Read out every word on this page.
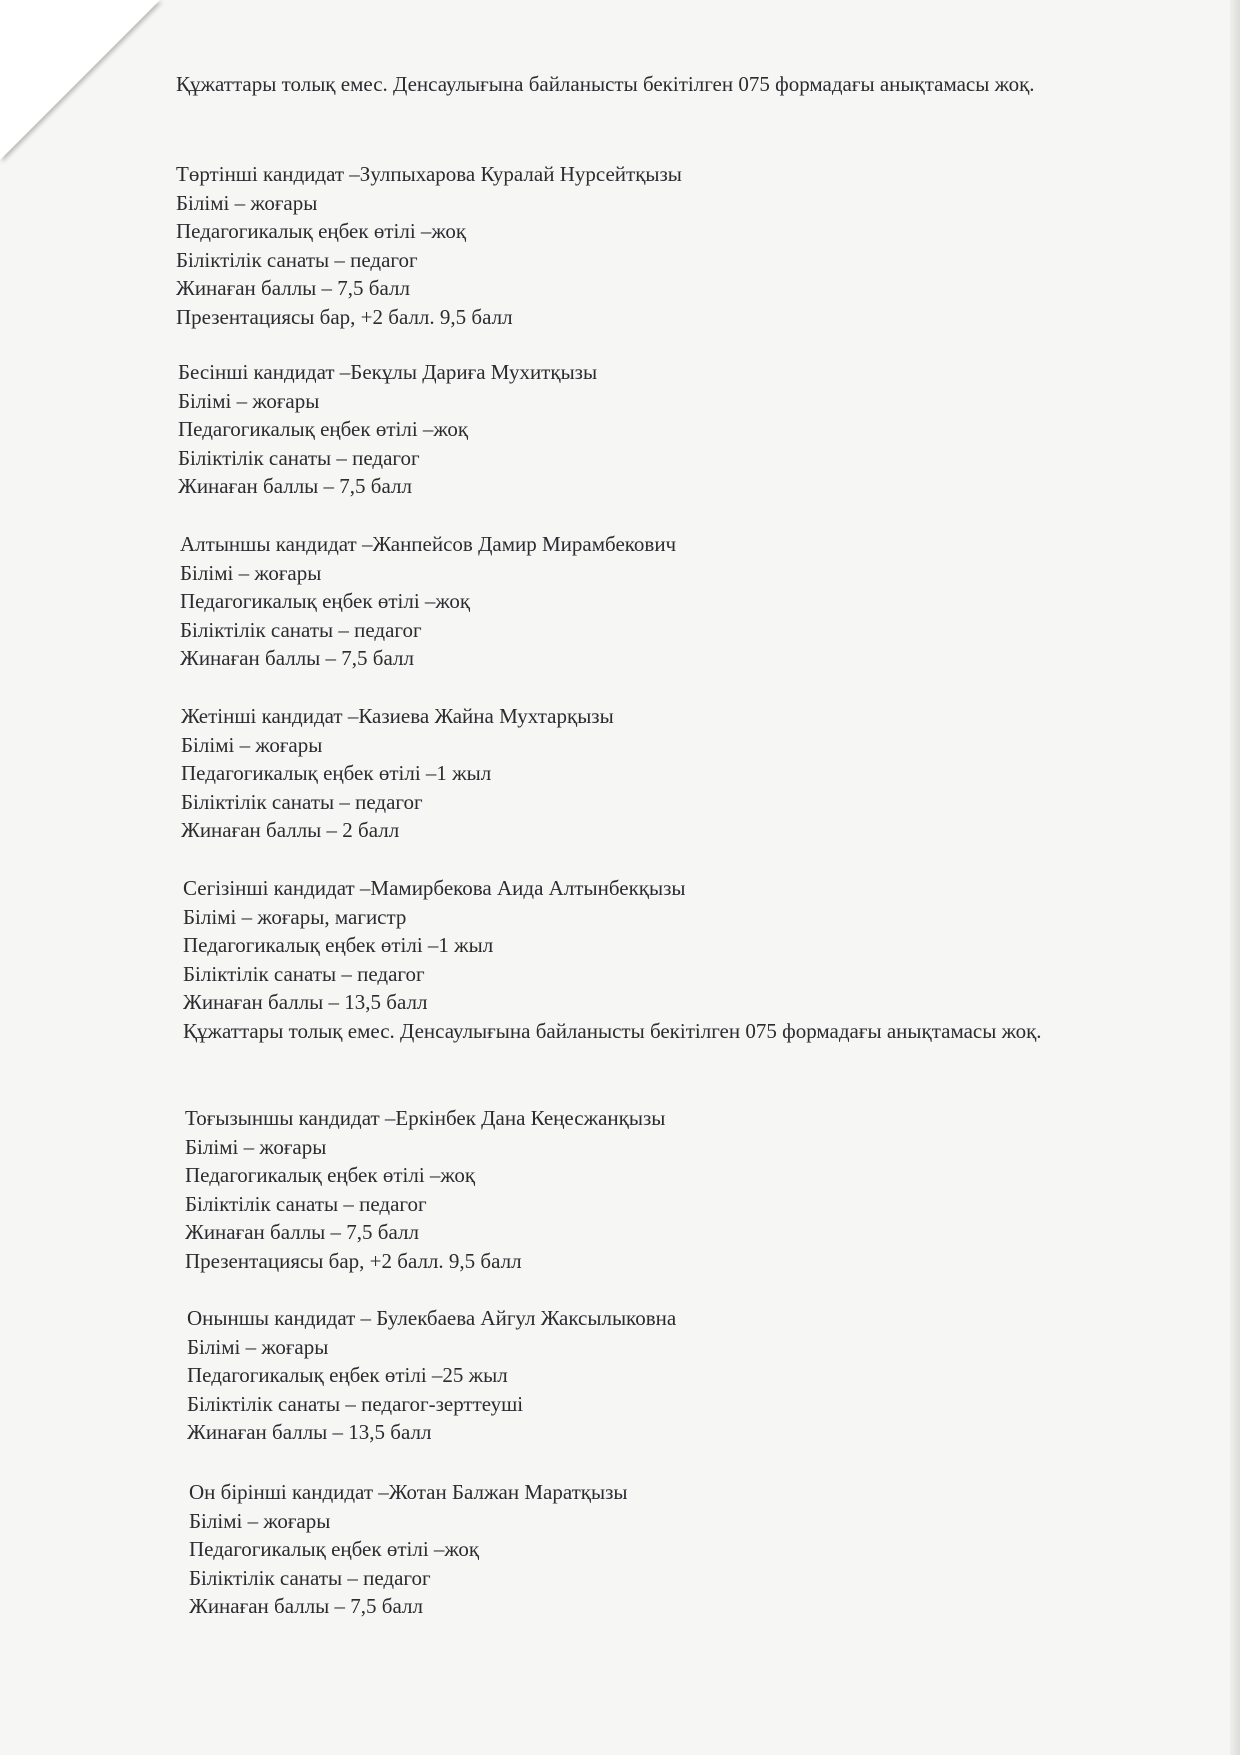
Құжаттары толық емес. Денсаулығына байланысты бекітілген 075 формадағы анықтамасы жоқ.

Төртінші кандидат –Зулпыхарова Куралай Нурсейтқызы

Білімі – жоғары

Педагогикалық еңбек өтілі –жоқ

Біліктілік санаты – педагог

Жинаған баллы – 7,5 балл

Презентациясы бар, +2 балл. 9,5 балл

Бесінші кандидат –Бекұлы Дариға Мухитқызы

Білімі – жоғары

Педагогикалық еңбек өтілі –жоқ

Біліктілік санаты – педагог

Жинаған баллы – 7,5 балл

Алтыншы кандидат –Жанпейсов Дамир Мирамбекович

Білімі – жоғары

Педагогикалық еңбек өтілі –жоқ

Біліктілік санаты – педагог

Жинаған баллы – 7,5 балл

Жетінші кандидат –Казиева Жайна Мухтарқызы

Білімі – жоғары

Педагогикалық еңбек өтілі –1 жыл

Біліктілік санаты – педагог

Жинаған баллы – 2 балл

Сегізінші кандидат –Мамирбекова Аида Алтынбекқызы

Білімі – жоғары, магистр

Педагогикалық еңбек өтілі –1 жыл

Біліктілік санаты – педагог

Жинаған баллы – 13,5 балл

Құжаттары толық емес. Денсаулығына байланысты бекітілген 075 формадағы анықтамасы жоқ.

Тоғызыншы кандидат –Еркінбек Дана Кеңесжанқызы

Білімі – жоғары

Педагогикалық еңбек өтілі –жоқ

Біліктілік санаты – педагог

Жинаған баллы – 7,5 балл

Презентациясы бар, +2 балл. 9,5 балл

Оныншы кандидат – Булекбаева Айгул Жаксылыковна

Білімі – жоғары

Педагогикалық еңбек өтілі –25 жыл

Біліктілік санаты – педагог-зерттеуші

Жинаған баллы – 13,5 балл

Он бірінші кандидат –Жотан Балжан Маратқызы

Білімі – жоғары

Педагогикалық еңбек өтілі –жоқ

Біліктілік санаты – педагог

Жинаған баллы – 7,5 балл
